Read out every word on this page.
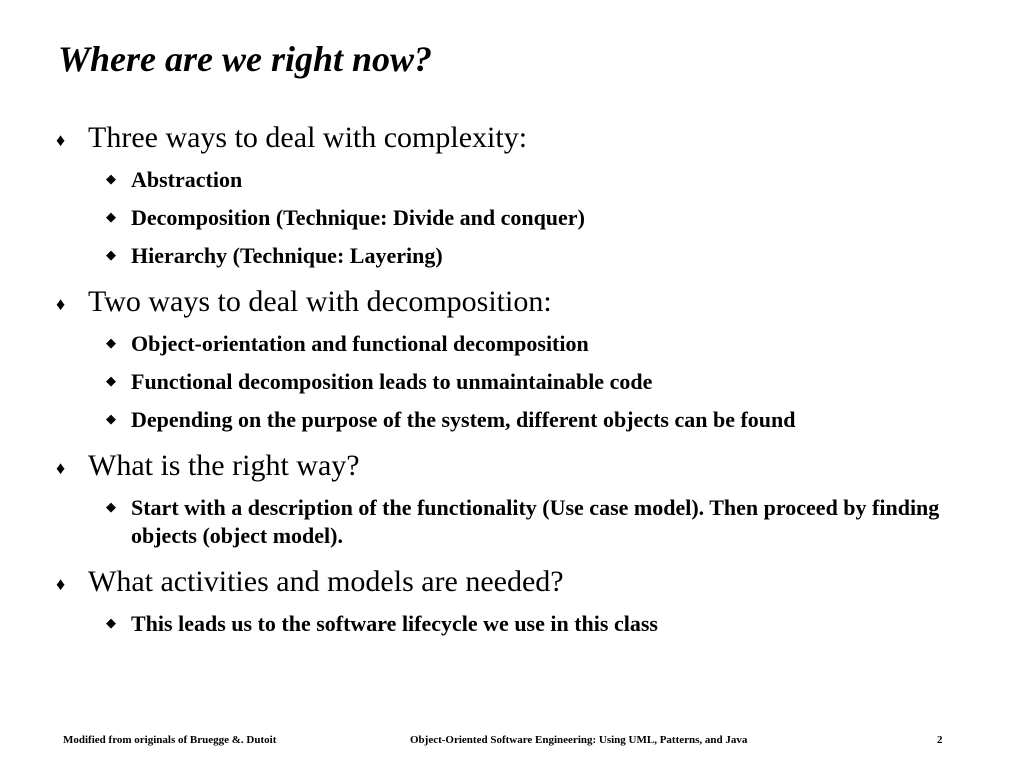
Where are we right now?
♦ Three ways to deal with complexity:
◆ Abstraction
◆ Decomposition (Technique: Divide and conquer)
◆ Hierarchy (Technique: Layering)
♦ Two ways to deal with decomposition:
◆ Object-orientation and functional decomposition
◆ Functional decomposition leads to unmaintainable code
◆ Depending on the purpose of the system, different objects can be found
♦ What is the right way?
◆ Start with a description of the functionality (Use case model). Then proceed by finding objects (object model).
♦ What activities and models are needed?
◆ This leads us to the software lifecycle we use in this class
Modified from originals of Bruegge &. Dutoit	Object-Oriented Software Engineering: Using UML, Patterns, and Java	2
